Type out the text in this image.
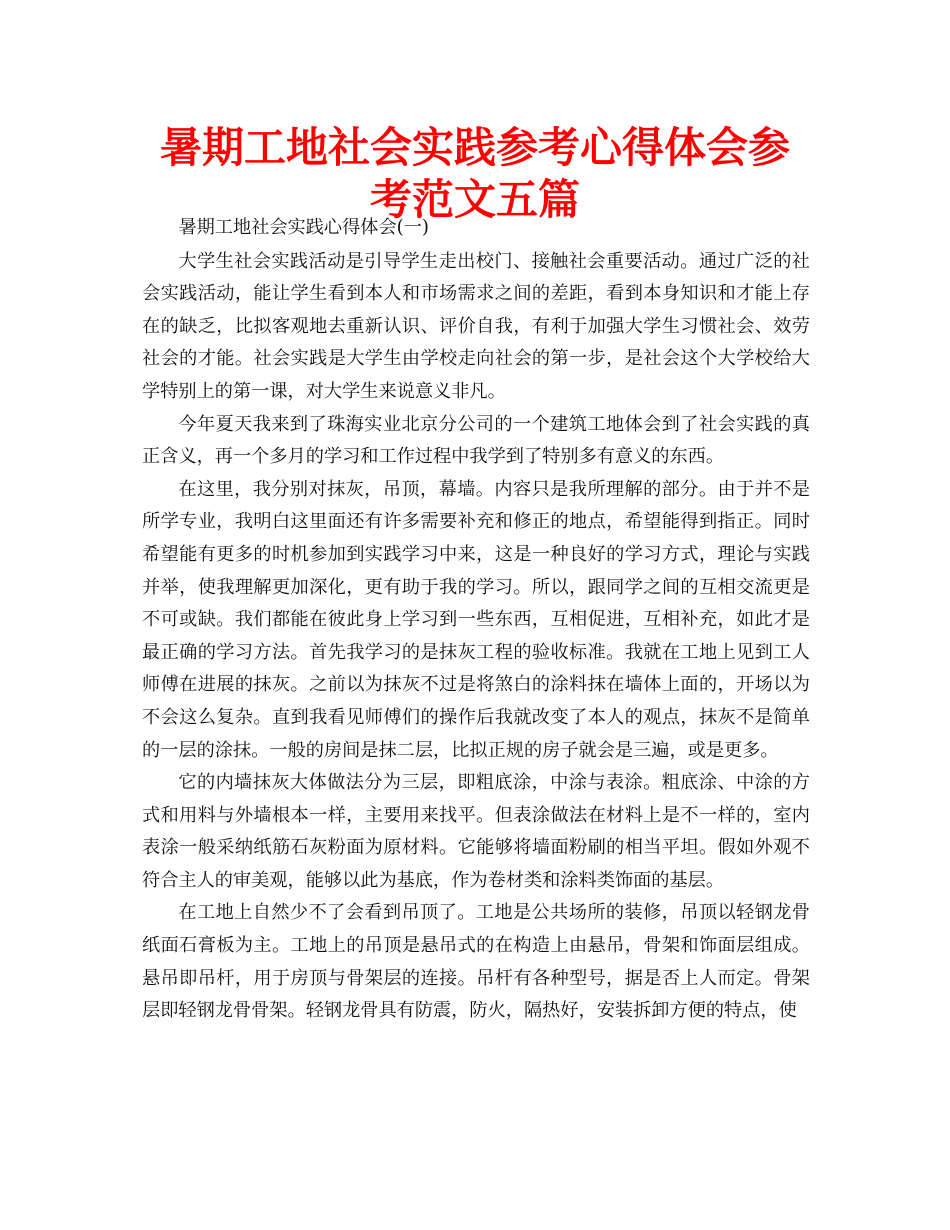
暑期工地社会实践参考心得体会参考范文五篇

暑期工地社会实践心得体会(一)

大学生社会实践活动是引导学生走出校门、接触社会重要活动。通过广泛的社会实践活动，能让学生看到本人和市场需求之间的差距，看到本身知识和才能上存在的缺乏，比拟客观地去重新认识、评价自我，有利于加强大学生习惯社会、效劳社会的才能。社会实践是大学生由学校走向社会的第一步，是社会这个大学校给大学特别上的第一课，对大学生来说意义非凡。

今年夏天我来到了珠海实业北京分公司的一个建筑工地体会到了社会实践的真正含义，再一个多月的学习和工作过程中我学到了特别多有意义的东西。

在这里，我分别对抹灰，吊顶，幕墙。内容只是我所理解的部分。由于并不是所学专业，我明白这里面还有许多需要补充和修正的地点，希望能得到指正。同时希望能有更多的时机参加到实践学习中来，这是一种良好的学习方式，理论与实践并举，使我理解更加深化，更有助于我的学习。所以，跟同学之间的互相交流更是不可或缺。我们都能在彼此身上学习到一些东西，互相促进，互相补充，如此才是最正确的学习方法。首先我学习的是抹灰工程的验收标准。我就在工地上见到工人师傅在进展的抹灰。之前以为抹灰不过是将煞白的涂料抹在墙体上面的，开场以为不会这么复杂。直到我看见师傅们的操作后我就改变了本人的观点，抹灰不是简单的一层的涂抹。一般的房间是抹二层，比拟正规的房子就会是三遍，或是更多。

它的内墙抹灰大体做法分为三层，即粗底涂，中涂与表涂。粗底涂、中涂的方式和用料与外墙根本一样，主要用来找平。但表涂做法在材料上是不一样的，室内表涂一般采纳纸筋石灰粉面为原材料。它能够将墙面粉刷的相当平坦。假如外观不符合主人的审美观，能够以此为基底，作为卷材类和涂料类饰面的基层。

在工地上自然少不了会看到吊顶了。工地是公共场所的装修，吊顶以轻钢龙骨纸面石膏板为主。工地上的吊顶是悬吊式的在构造上由悬吊，骨架和饰面层组成。悬吊即吊杆，用于房顶与骨架层的连接。吊杆有各种型号，据是否上人而定。骨架层即轻钢龙骨骨架。轻钢龙骨具有防震，防火，隔热好，安装拆卸方便的特点，使
